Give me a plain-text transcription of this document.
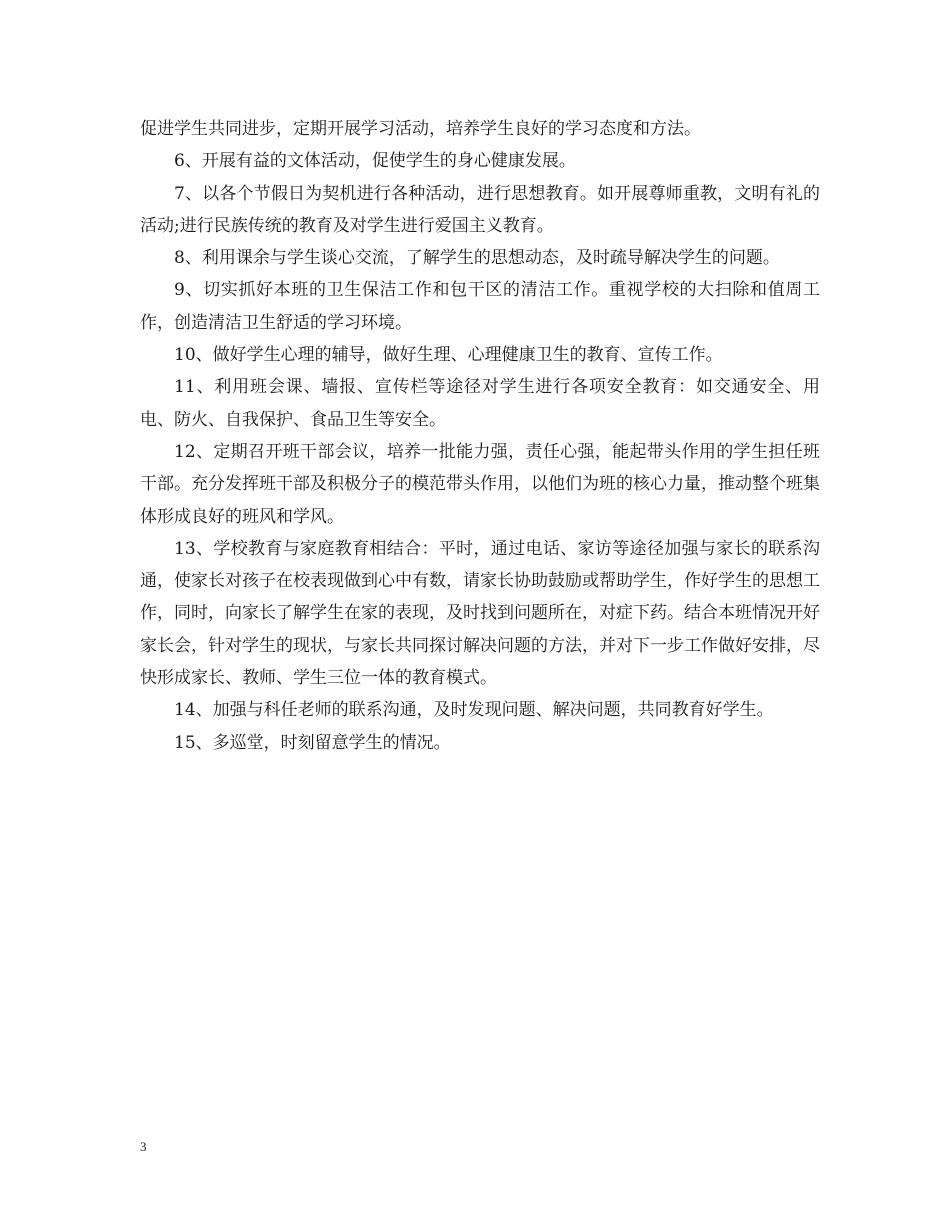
促进学生共同进步，定期开展学习活动，培养学生良好的学习态度和方法。

6、开展有益的文体活动，促使学生的身心健康发展。

7、以各个节假日为契机进行各种活动，进行思想教育。如开展尊师重教，文明有礼的活动;进行民族传统的教育及对学生进行爱国主义教育。

8、利用课余与学生谈心交流，了解学生的思想动态，及时疏导解决学生的问题。

9、切实抓好本班的卫生保洁工作和包干区的清洁工作。重视学校的大扫除和值周工作，创造清洁卫生舒适的学习环境。

10、做好学生心理的辅导，做好生理、心理健康卫生的教育、宣传工作。

11、利用班会课、墙报、宣传栏等途径对学生进行各项安全教育：如交通安全、用电、防火、自我保护、食品卫生等安全。

12、定期召开班干部会议，培养一批能力强，责任心强，能起带头作用的学生担任班干部。充分发挥班干部及积极分子的模范带头作用，以他们为班的核心力量，推动整个班集体形成良好的班风和学风。

13、学校教育与家庭教育相结合：平时，通过电话、家访等途径加强与家长的联系沟通，使家长对孩子在校表现做到心中有数，请家长协助鼓励或帮助学生，作好学生的思想工作，同时，向家长了解学生在家的表现，及时找到问题所在，对症下药。结合本班情况开好家长会，针对学生的现状，与家长共同探讨解决问题的方法，并对下一步工作做好安排，尽快形成家长、教师、学生三位一体的教育模式。

14、加强与科任老师的联系沟通，及时发现问题、解决问题，共同教育好学生。

15、多巡堂，时刻留意学生的情况。

3
